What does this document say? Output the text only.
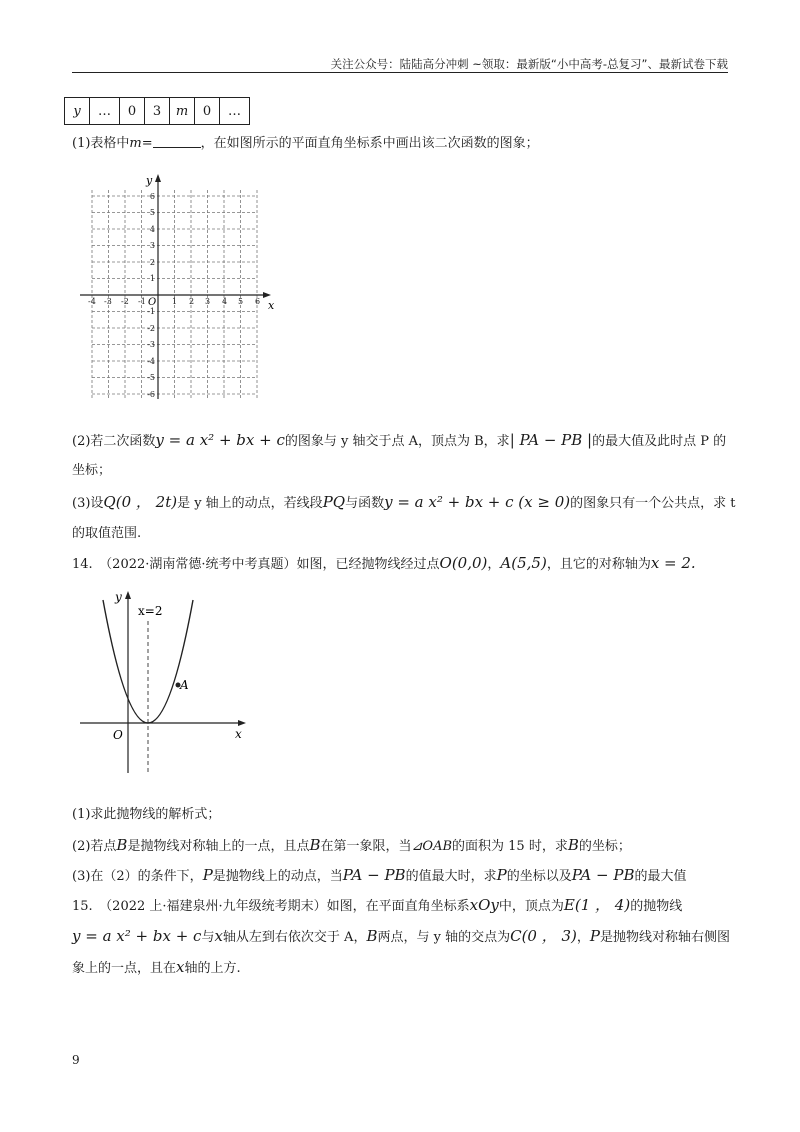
关注公众号：陆陆高分冲刺 ~领取：最新版“小中高考-总复习”、最新试卷下载
y	…	0	3	m	0	…
(1)表格中m=	，在如图所示的平面直角坐标系中画出该二次函数的图象；
x
y
O
-4 -3 -2 -1	1 2 3 4 5 6
6
5
4
3
2
1
-1
-2
-3
-4
-5
-6
(2)若二次函数y = a x² + bx + c的图象与 y 轴交于点 A，顶点为 B，求| PA − PB |的最大值及此时点 P 的
坐标；
(3)设Q(0 ， 2t)是 y 轴上的动点，若线段PQ与函数y = a x² + bx + c (x ≥ 0)的图象只有一个公共点，求 t
的取值范围.
14.　（2022·湖南常德·统考中考真题）如图，已经抛物线经过点O(0,0)，A(5,5)，且它的对称轴为x = 2.
A
x=2
y
x
O
(1)求此抛物线的解析式；
(2)若点B是抛物线对称轴上的一点，且点B在第一象限，当⊿OAB的面积为 15 时，求B的坐标；
(3)在（2）的条件下，P是抛物线上的动点，当PA − PB的值最大时，求P的坐标以及PA − PB的最大值
15.　（2022 上·福建泉州·九年级统考期末）如图，在平面直角坐标系xOy中，顶点为E(1 ， 4)的抛物线
y = a x² + bx + c与x轴从左到右依次交于 A，B两点，与 y 轴的交点为C(0 ， 3)，P是抛物线对称轴右侧图
象上的一点，且在x轴的上方.
9
